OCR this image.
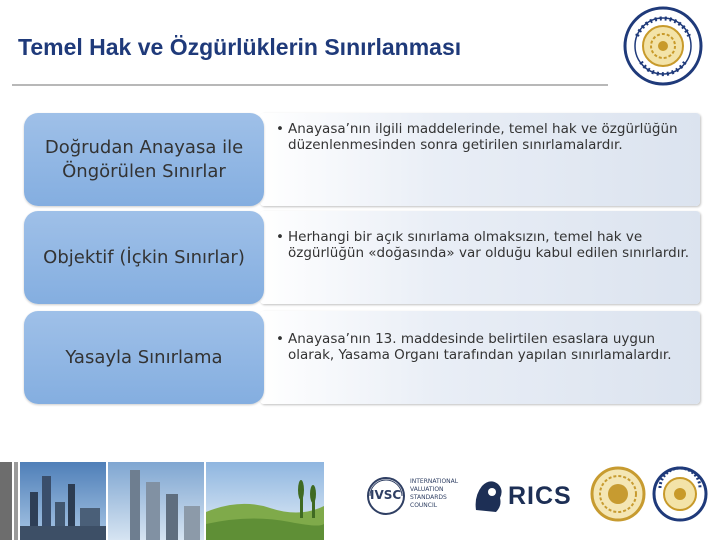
Temel Hak ve Özgürlüklerin Sınırlanması
• Anayasa’nın ilgili maddelerinde, temel hak ve özgürlüğün düzenlenmesinden sonra getirilen sınırlamalardır.
Doğrudan Anayasa ile Öngörülen Sınırlar
• Herhangi bir açık sınırlama olmaksızın, temel hak ve özgürlüğün «doğasında» var olduğu kabul edilen sınırlardır.
Objektif (İçkin Sınırlar)
• Anayasa’nın 13. maddesinde belirtilen esaslara uygun olarak, Yasama Organı tarafından yapılan sınırlamalardır.
Yasayla Sınırlama
IVSC
INTERNATIONAL VALUATION STANDARDS COUNCIL	RICS
